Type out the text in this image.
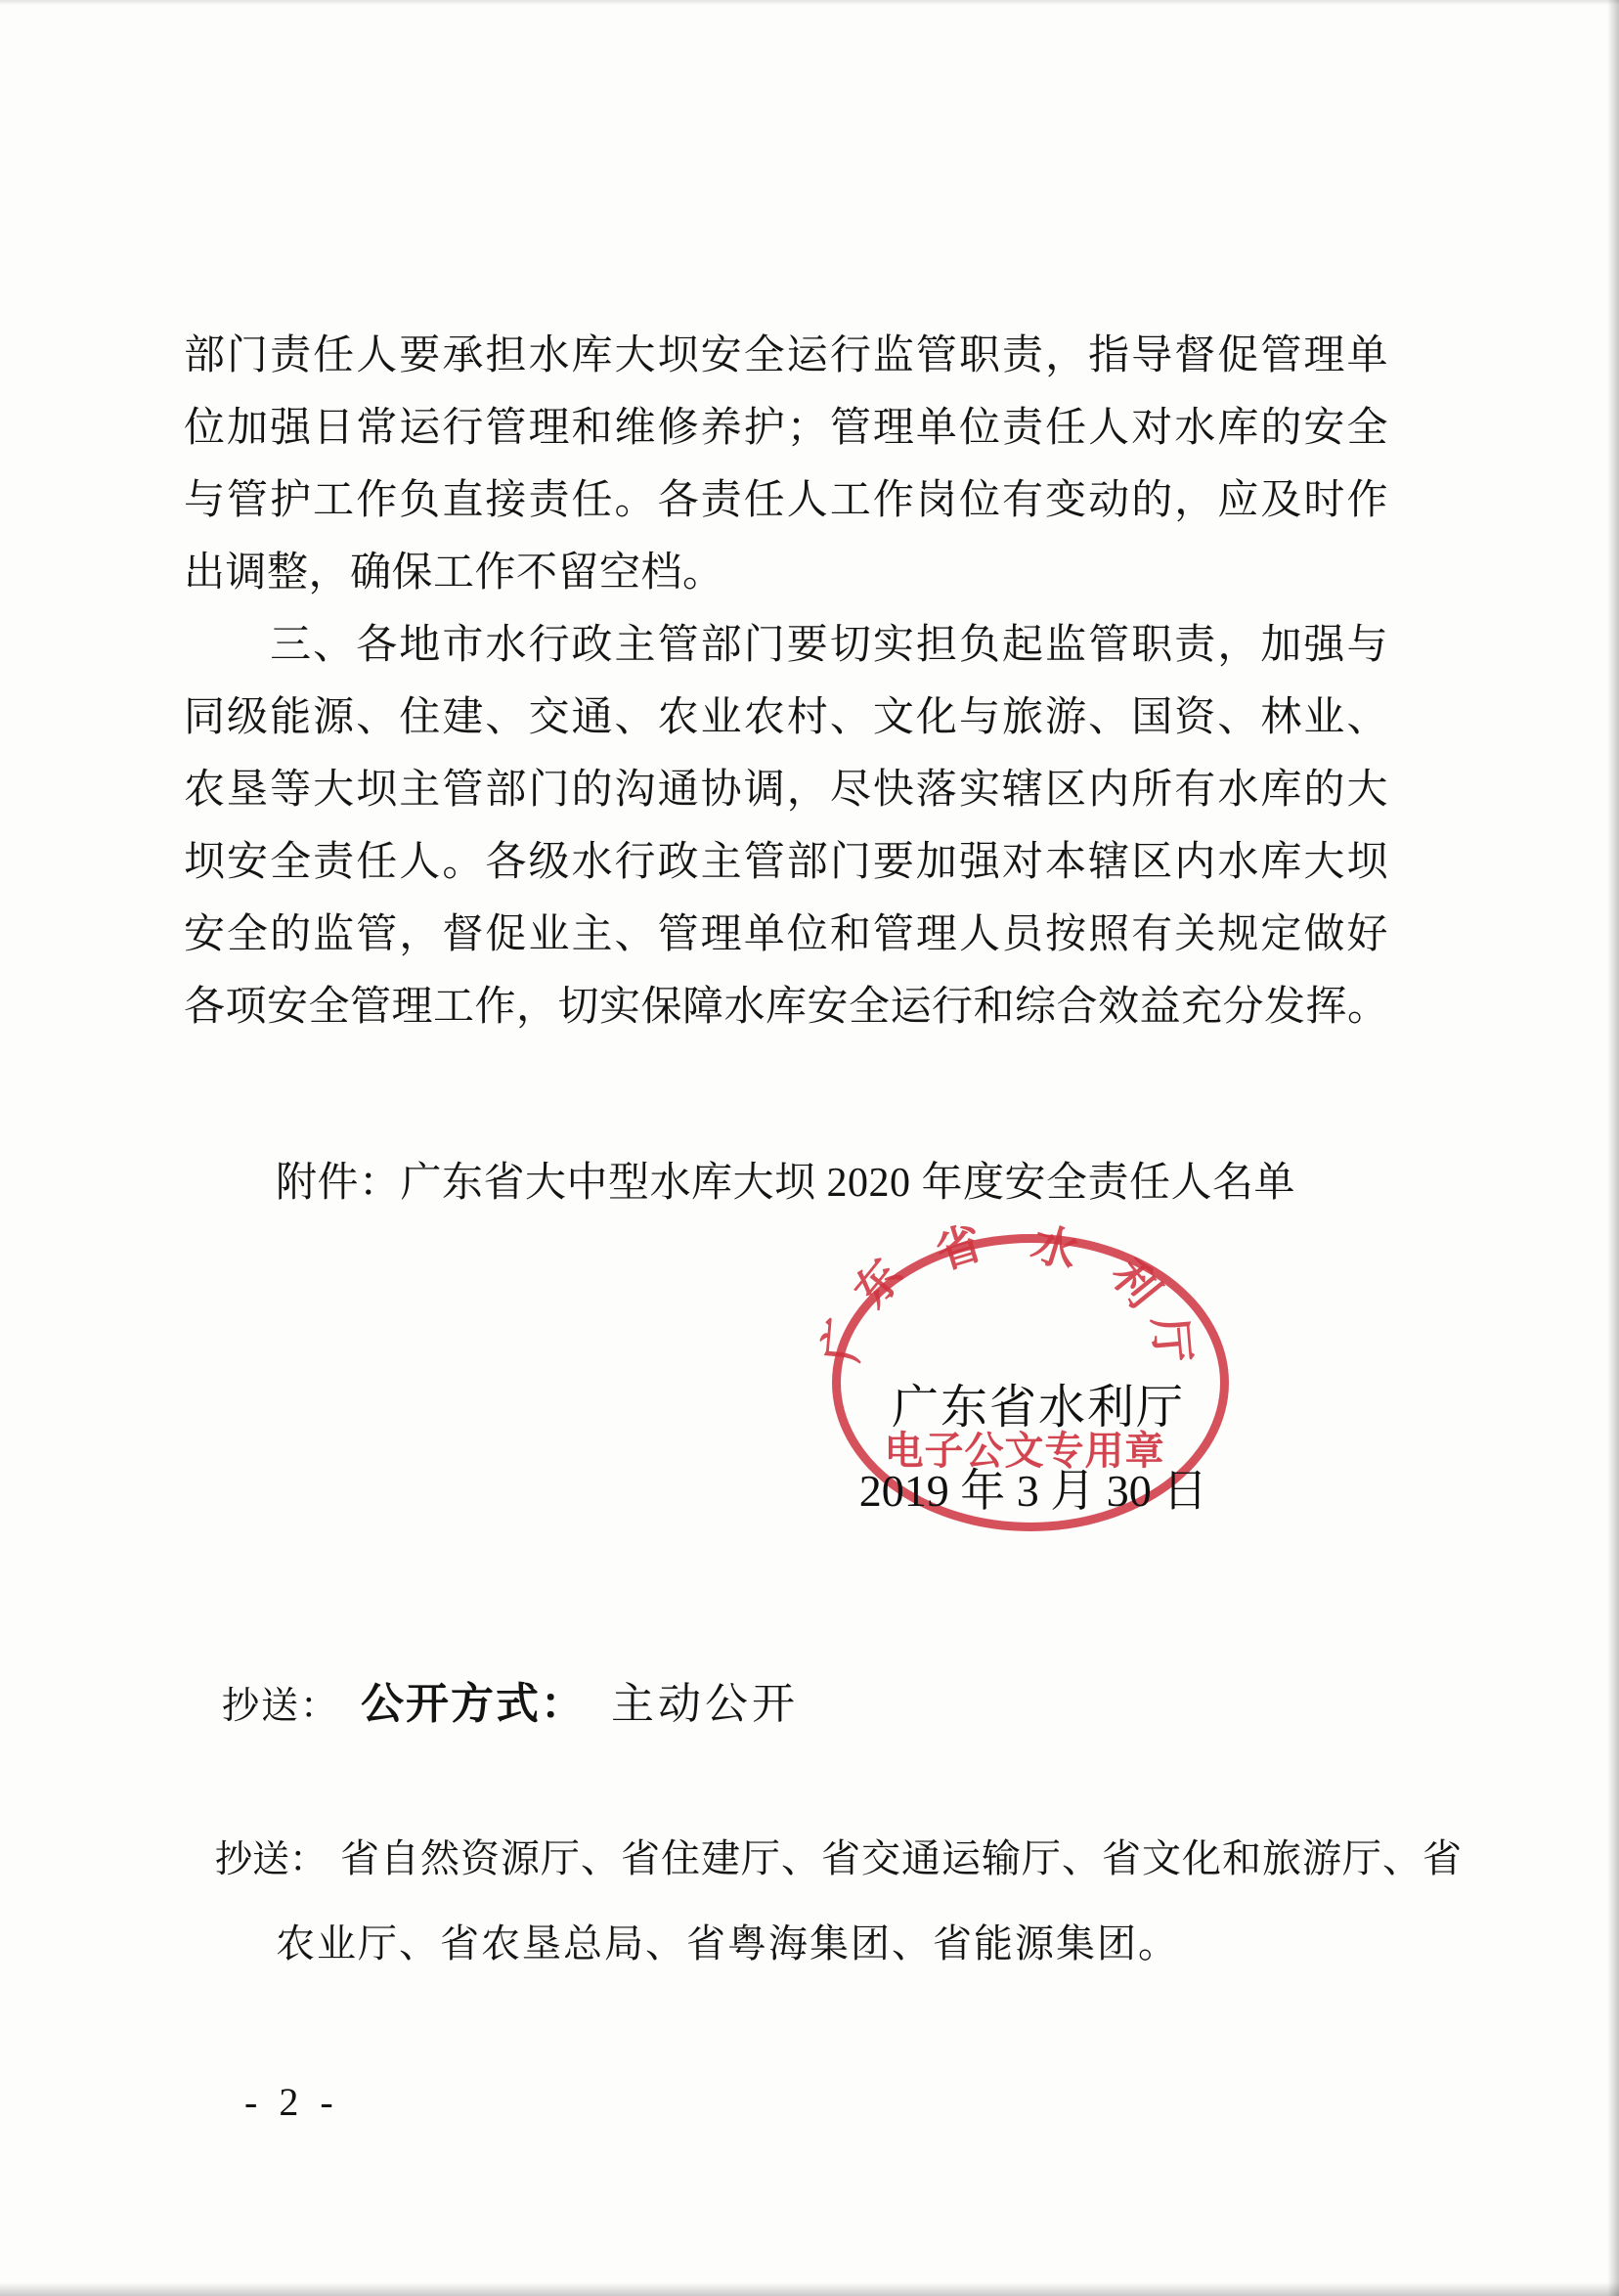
部门责任人要承担水库大坝安全运行监管职责，指导督促管理单
位加强日常运行管理和维修养护；管理单位责任人对水库的安全
与管护工作负直接责任。各责任人工作岗位有变动的，应及时作
出调整，确保工作不留空档。
　　三、各地市水行政主管部门要切实担负起监管职责，加强与
同级能源、住建、交通、农业农村、文化与旅游、国资、林业、
农垦等大坝主管部门的沟通协调，尽快落实辖区内所有水库的大
坝安全责任人。各级水行政主管部门要加强对本辖区内水库大坝
安全的监管，督促业主、管理单位和管理人员按照有关规定做好
各项安全管理工作，切实保障水库安全运行和综合效益充分发挥。
附件：广东省大中型水库大坝 2020 年度安全责任人名单
广
东
省 水
利
厅
电子公文专用章
广东省水利厅
2019 年 3 月 30 日
抄送： 公开方式： 主动公开
抄送： 省自然资源厅、省住建厅、省交通运输厅、省文化和旅游厅、省
农业厅、省农垦总局、省粤海集团、省能源集团。
- 2 -
